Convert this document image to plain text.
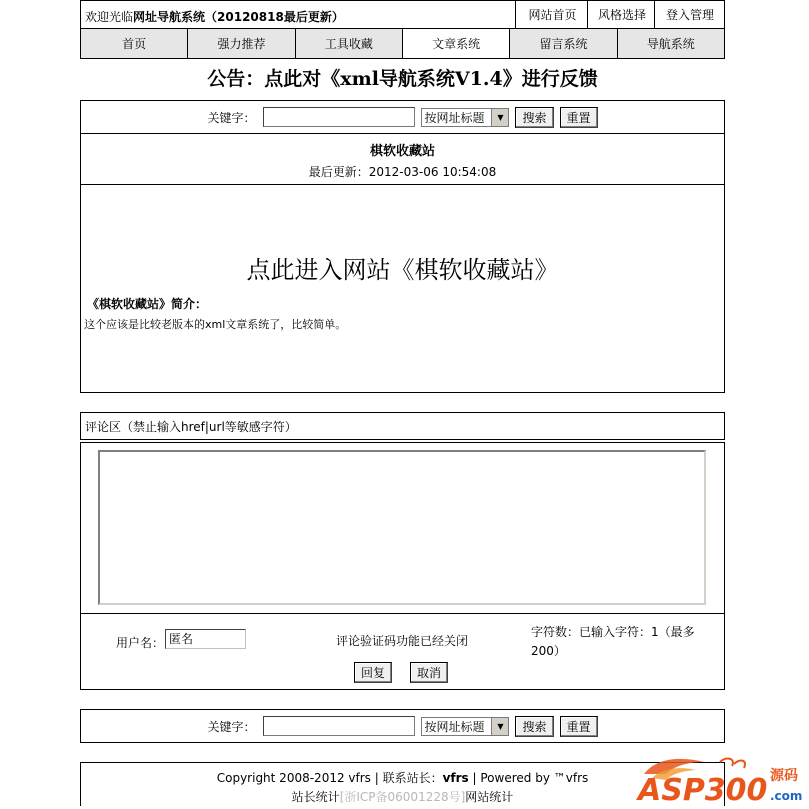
欢迎光临网址导航系统（20120818最后更新）	网站首页	风格选择	登入管理
首页	强力推荐	工具收藏	文章系统	留言系统	导航系统
公告：点此对《xml导航系统V1.4》进行反馈
关键字：	按网址标题	▼	搜索	重置
棋软收藏站
最后更新：2012-03-06 10:54:08
点此进入网站《棋软收藏站》
《棋软收藏站》简介：
这个应该是比较老版本的xml文章系统了，比较简单。
评论区（禁止输入href|url等敏感字符）
用户名： 匿名	评论验证码功能已经关闭
字符数：已输入字符：1（最多200）
回复	取消
关键字：	按网址标题	▼	搜索	重置
Copyright 2008-2012 vfrs | 联系站长：vfrs | Powered by ™vfrs
站长统计[浙ICP备06001228号]网站统计	ASP300 源码
.com
